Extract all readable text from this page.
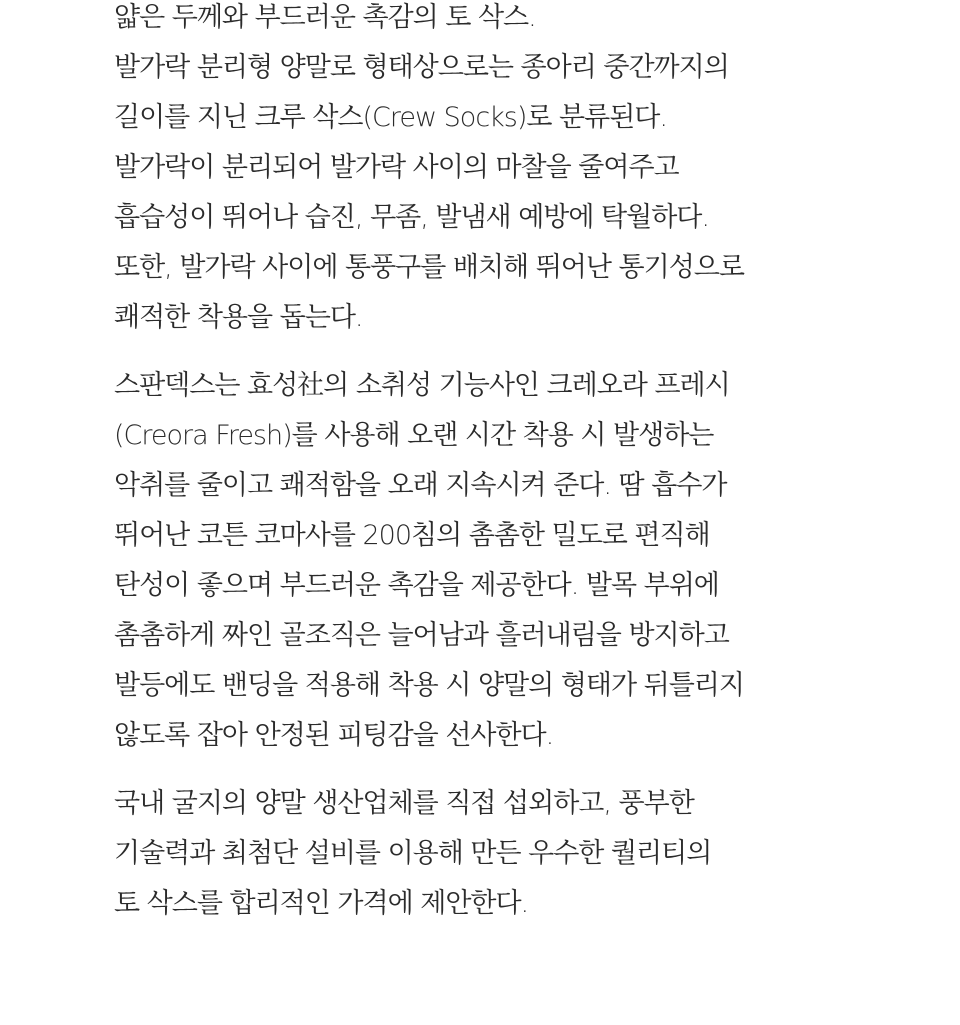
얇은 두께와 부드러운 촉감의 토 삭스.
발가락 분리형 양말로 형태상으로는 종아리 중간까지의
길이를 지닌 크루 삭스(Crew Socks)로 분류된다.
발가락이 분리되어 발가락 사이의 마찰을 줄여주고
흡습성이 뛰어나 습진, 무좀, 발냄새 예방에 탁월하다.
또한, 발가락 사이에 통풍구를 배치해 뛰어난 통기성으로
쾌적한 착용을 돕는다.

스판덱스는 효성社의 소취성 기능사인 크레오라 프레시
(Creora Fresh)를 사용해 오랜 시간 착용 시 발생하는
악취를 줄이고 쾌적함을 오래 지속시켜 준다. 땀 흡수가
뛰어난 코튼 코마사를 200침의 촘촘한 밀도로 편직해
탄성이 좋으며 부드러운 촉감을 제공한다. 발목 부위에
촘촘하게 짜인 골조직은 늘어남과 흘러내림을 방지하고
발등에도 밴딩을 적용해 착용 시 양말의 형태가 뒤틀리지
않도록 잡아 안정된 피팅감을 선사한다.

국내 굴지의 양말 생산업체를 직접 섭외하고, 풍부한
기술력과 최첨단 설비를 이용해 만든 우수한 퀄리티의
토 삭스를 합리적인 가격에 제안한다.
